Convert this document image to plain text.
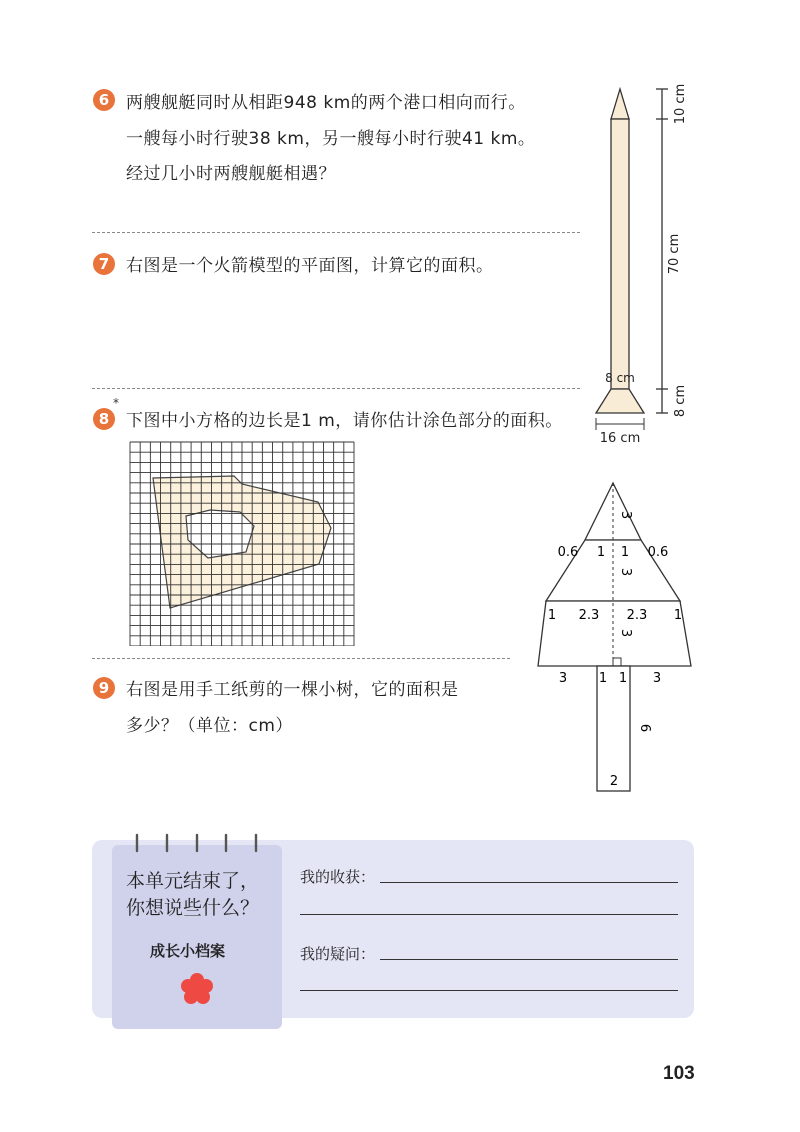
6 两艘舰艇同时从相距948 km的两个港口相向而行。
一艘每小时行驶38 km，另一艘每小时行驶41 km。
经过几小时两艘舰艇相遇？
7 右图是一个火箭模型的平面图，计算它的面积。
10 cm
70 cm
8 cm
8 cm
16 cm
8
*
下图中小方格的边长是1 m，请你估计涂色部分的面积。
9 右图是用手工纸剪的一棵小树，它的面积是
多少？（单位：cm）
3
3
3
0.6 1 1 0.6
1 2.3 2.3 1
3 1 1 3
6
2
本单元结束了，
你想说些什么？
成长小档案
我的收获：
我的疑问：
103
